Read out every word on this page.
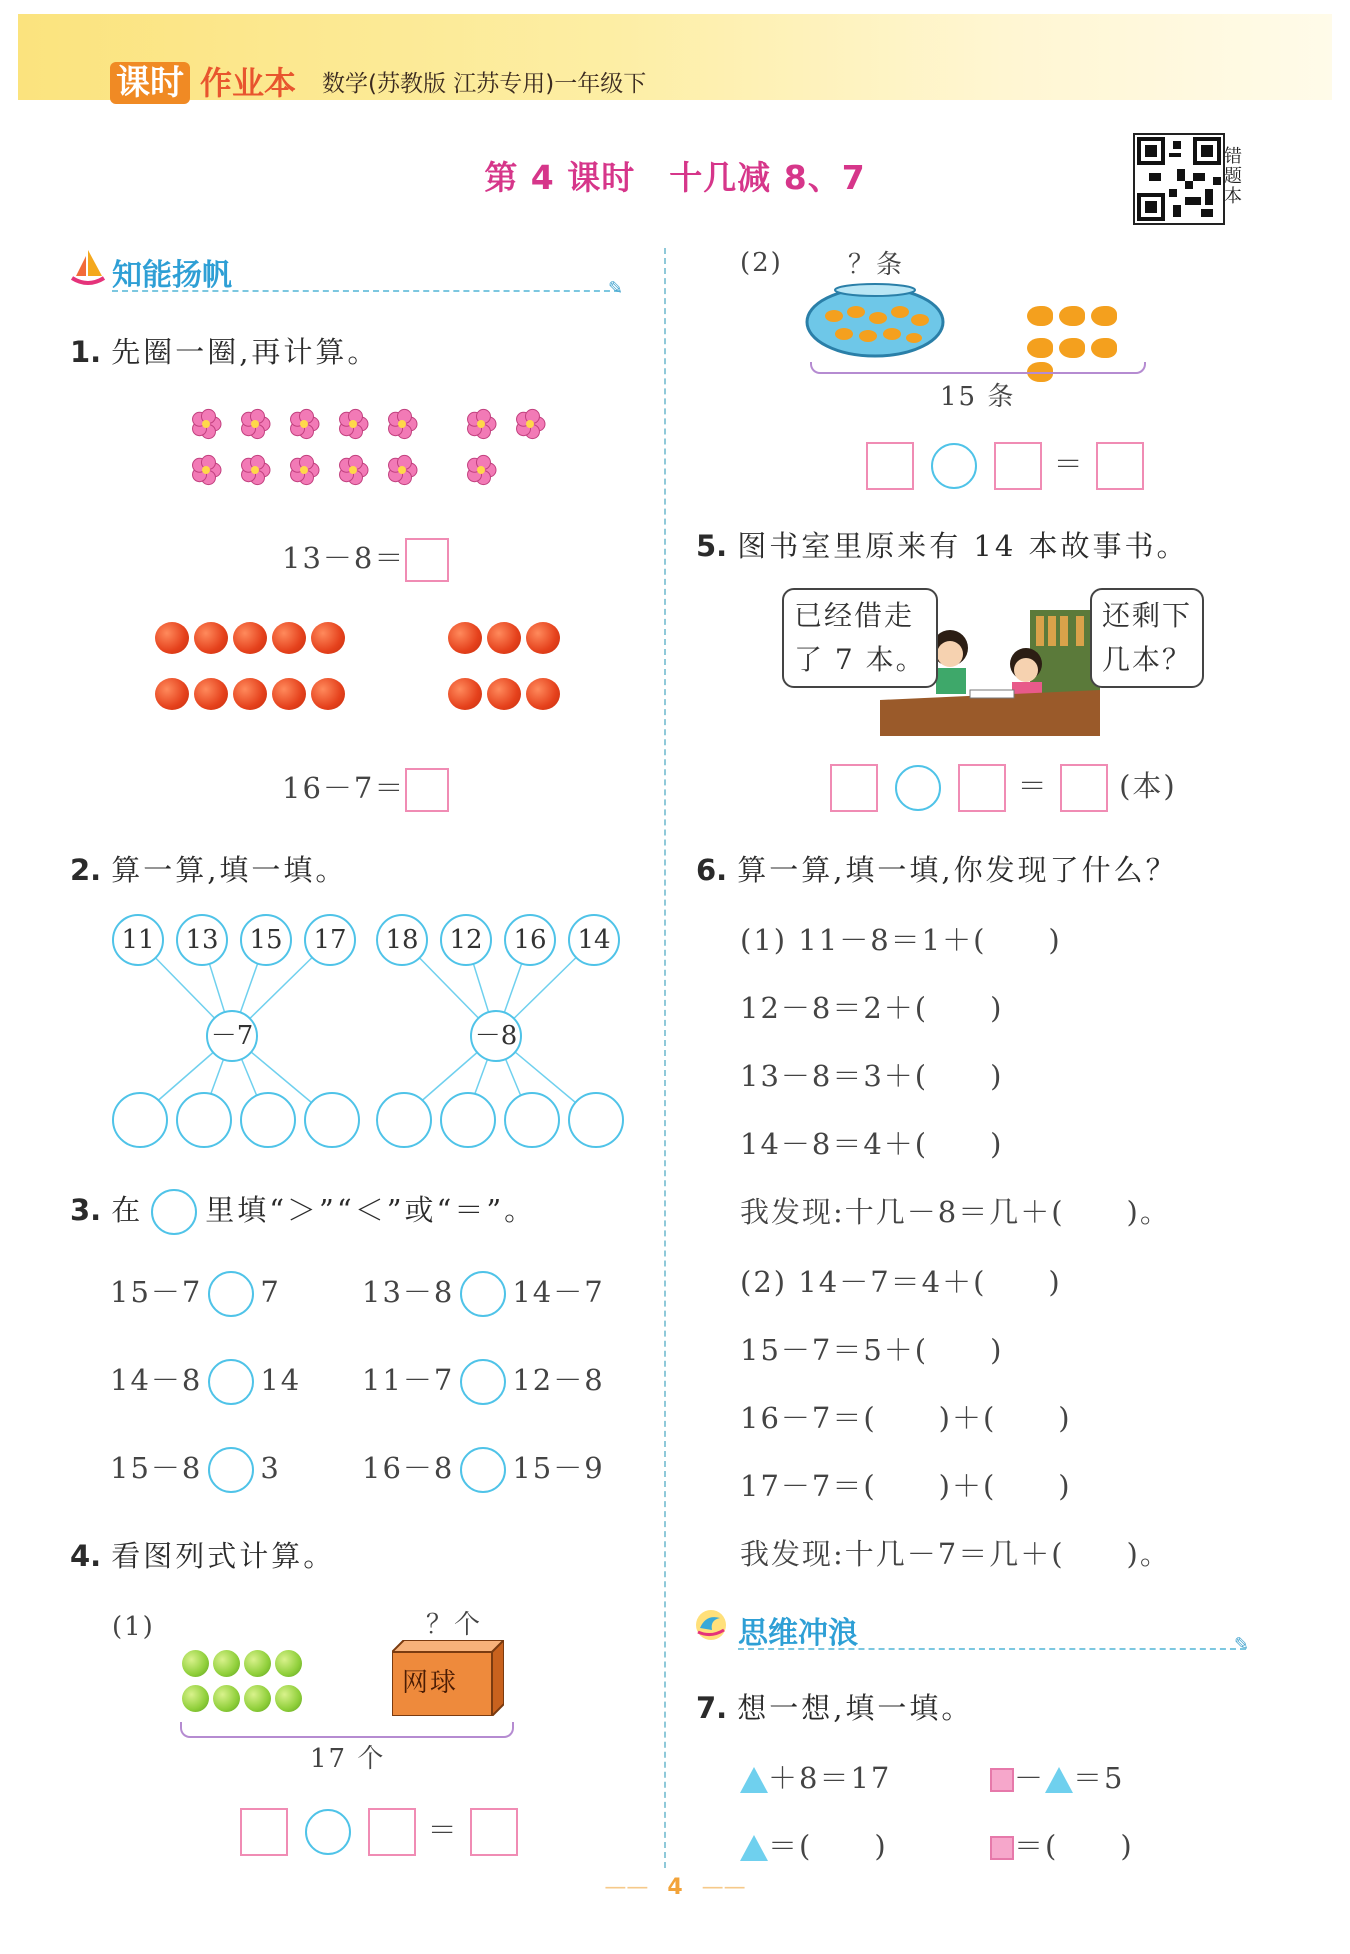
课时 作业本 数学(苏教版 江苏专用)一年级下
第 4 课时　十几减 8、7
错题本
知能扬帆	✎
1. 先圈一圈,再计算。
13－8＝

16－7＝
2. 算一算,填一填。
11	13	15	17	18	12	16	14
－7	－8
3. 在 里填“＞”“＜”或“＝”。
15－7 7	13－8 14－7
14－8 14 11－7 12－8
15－8 3	16－8 15－9
4. 看图列式计算。
(1)	？个
网球
17 个
＝
(2)	？条
15 条
＝
5. 图书室里原来有 14 本故事书。
已经借走
了 7 本。
还剩下
几本？
＝ (本)
6. 算一算,填一填,你发现了什么？
(1) 11－8＝1＋(　　)
12－8＝2＋(　　)
13－8＝3＋(　　)
14－8＝4＋(　　)
我发现:十几－8＝几＋(　　)。
(2) 14－7＝4＋(　　)
15－7＝5＋(　　)
16－7＝(　　)＋(　　)
17－7＝(　　)＋(　　)
我发现:十几－7＝几＋(　　)。
思维冲浪	✎
7. 想一想,填一填。
＋8＝17	－ ＝5
＝(　　)	＝(　　)
—— 4 ——
